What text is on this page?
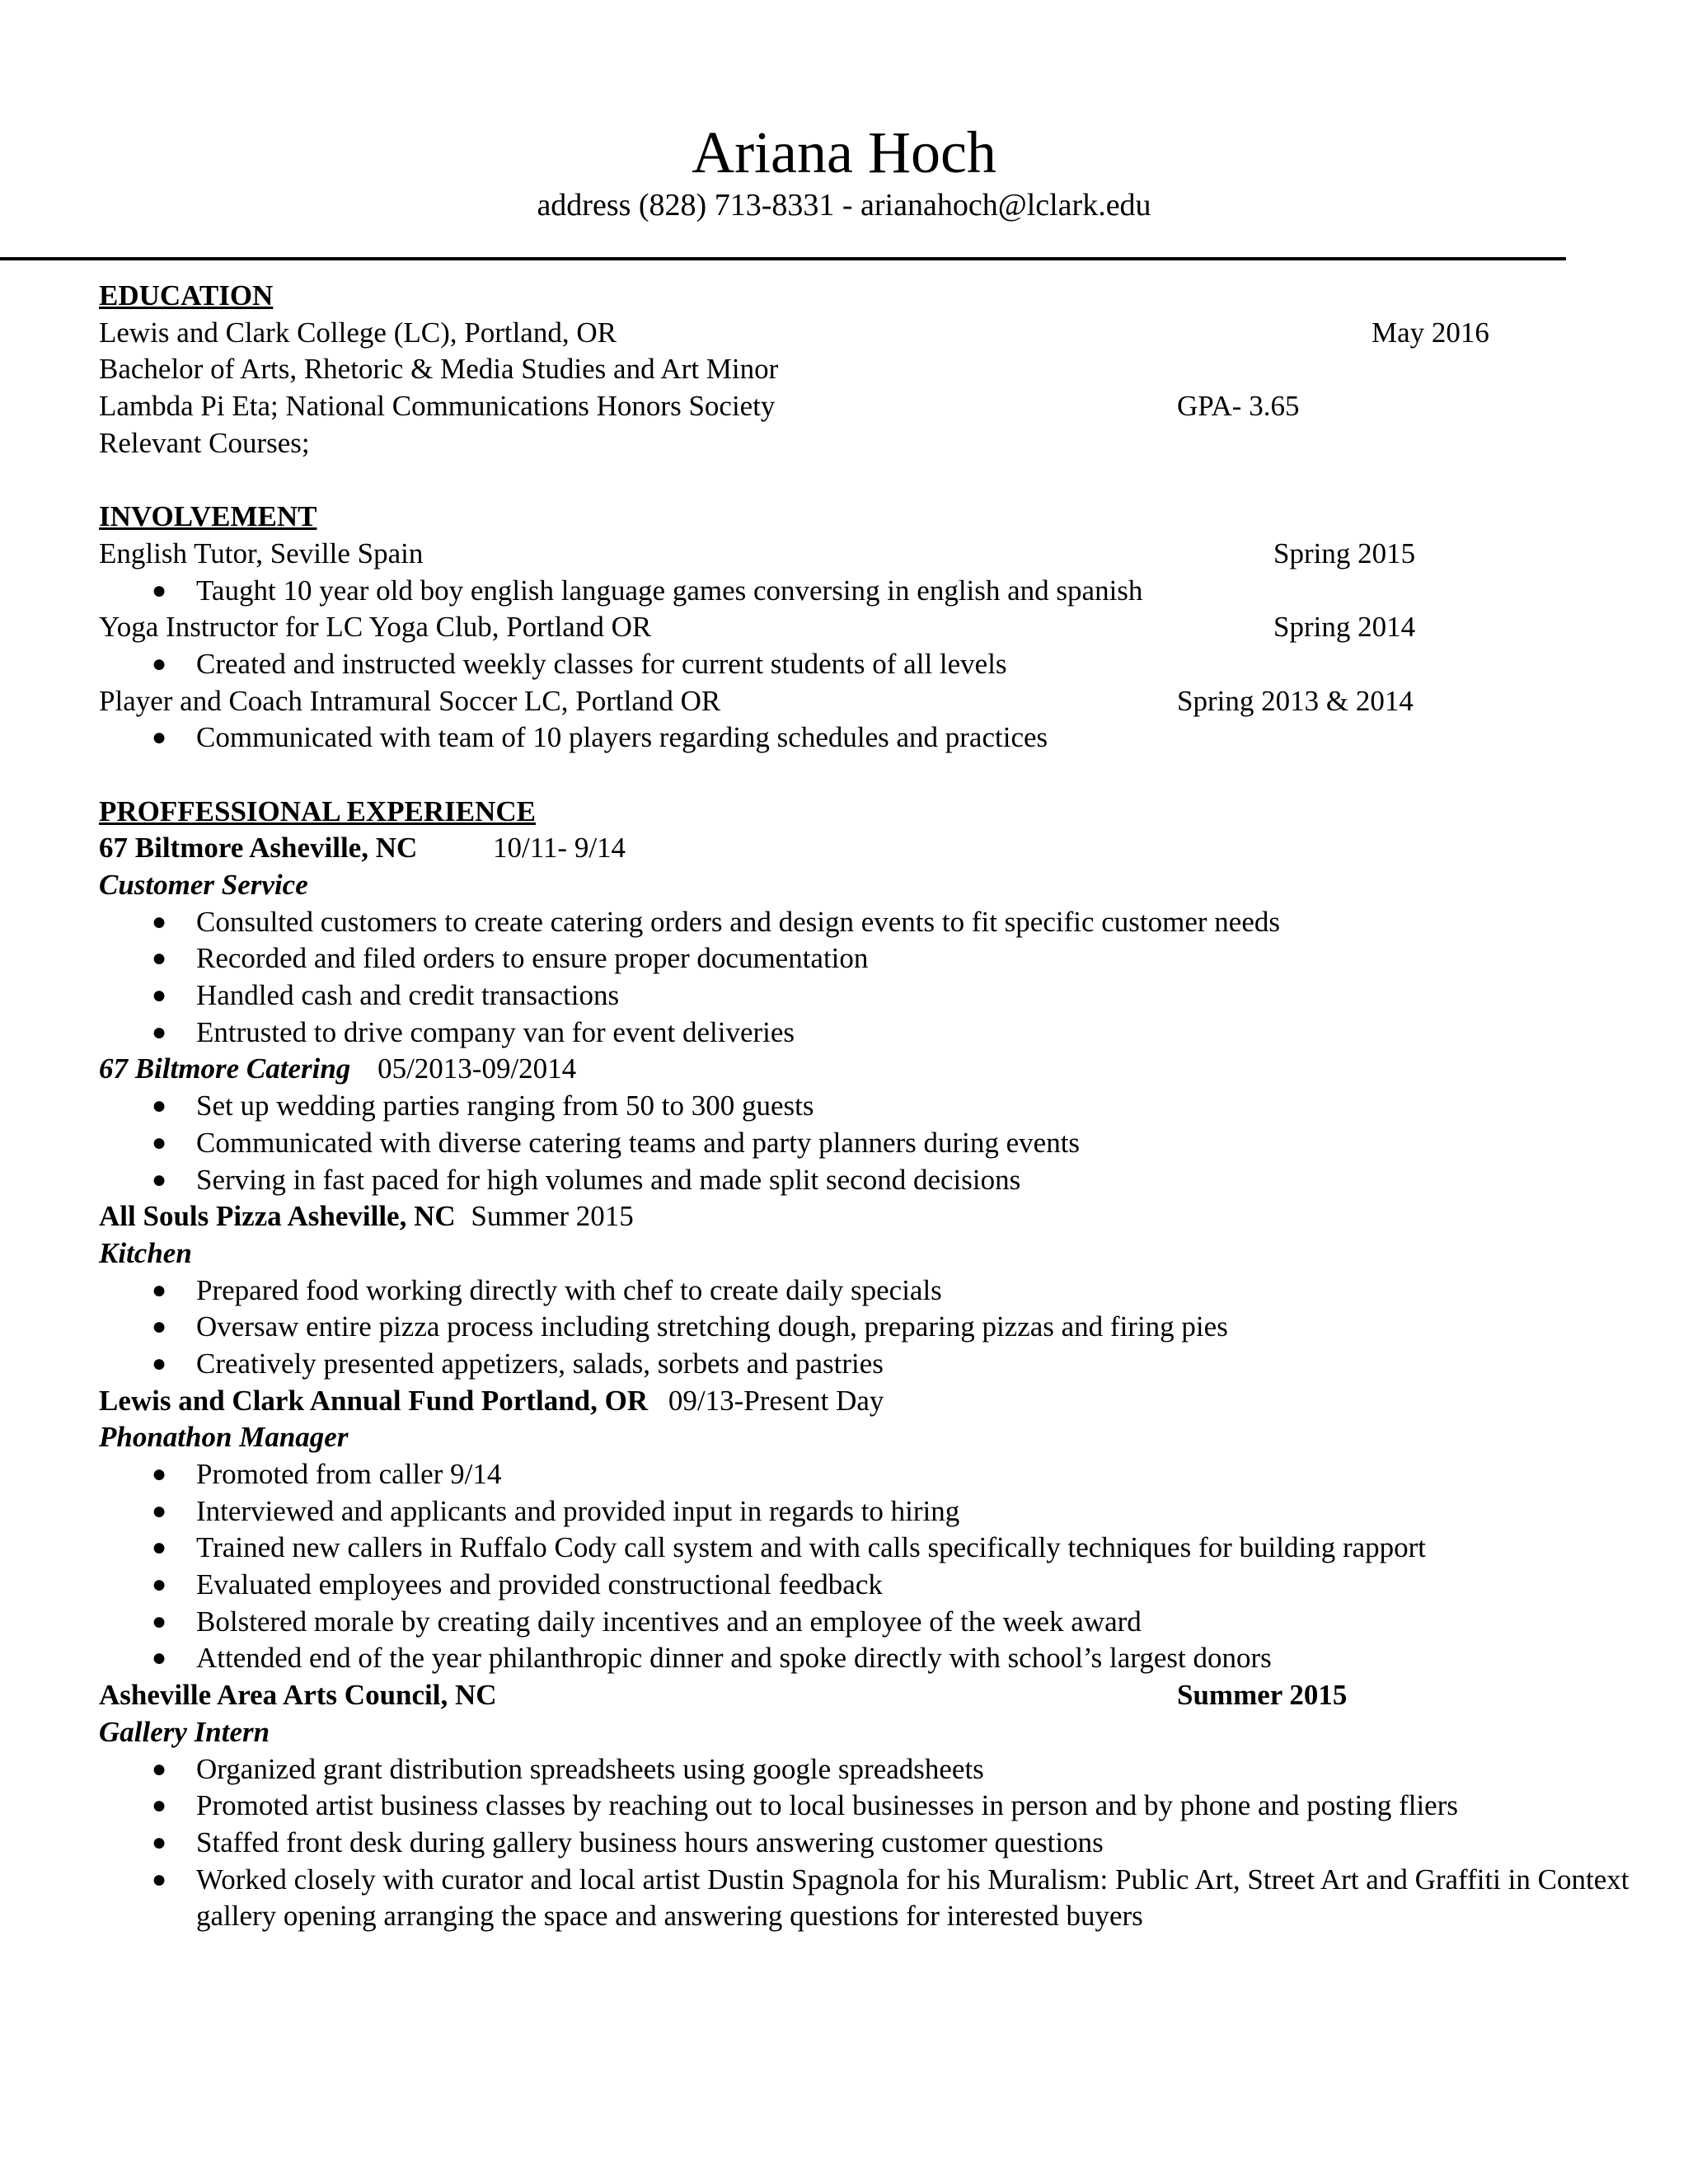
Ariana Hoch
address (828) 713-8331 - arianahoch@lclark.edu
EDUCATION
Lewis and Clark College (LC), Portland, OR	May 2016
Bachelor of Arts, Rhetoric & Media Studies and Art Minor
Lambda Pi Eta; National Communications Honors Society	GPA- 3.65
Relevant Courses;
INVOLVEMENT
English Tutor, Seville Spain	Spring 2015
● Taught 10 year old boy english language games conversing in english and spanish
Yoga Instructor for LC Yoga Club, Portland OR	Spring 2014
● Created and instructed weekly classes for current students of all levels
Player and Coach Intramural Soccer LC, Portland OR	Spring 2013 & 2014
● Communicated with team of 10 players regarding schedules and practices
PROFFESSIONAL EXPERIENCE
67 Biltmore Asheville, NC	10/11- 9/14
Customer Service
● Consulted customers to create catering orders and design events to fit specific customer needs
● Recorded and filed orders to ensure proper documentation
● Handled cash and credit transactions
● Entrusted to drive company van for event deliveries
67 Biltmore Catering 05/2013-09/2014
● Set up wedding parties ranging from 50 to 300 guests
● Communicated with diverse catering teams and party planners during events
● Serving in fast paced for high volumes and made split second decisions
All Souls Pizza Asheville, NC Summer 2015
Kitchen
● Prepared food working directly with chef to create daily specials
● Oversaw entire pizza process including stretching dough, preparing pizzas and firing pies
● Creatively presented appetizers, salads, sorbets and pastries
Lewis and Clark Annual Fund Portland, OR 09/13-Present Day
Phonathon Manager
● Promoted from caller 9/14
● Interviewed and applicants and provided input in regards to hiring
● Trained new callers in Ruffalo Cody call system and with calls specifically techniques for building rapport
● Evaluated employees and provided constructional feedback
● Bolstered morale by creating daily incentives and an employee of the week award
● Attended end of the year philanthropic dinner and spoke directly with school’s largest donors
Asheville Area Arts Council, NC	Summer 2015
Gallery Intern
● Organized grant distribution spreadsheets using google spreadsheets
● Promoted artist business classes by reaching out to local businesses in person and by phone and posting fliers
● Staffed front desk during gallery business hours answering customer questions
● Worked closely with curator and local artist Dustin Spagnola for his Muralism: Public Art, Street Art and Graffiti in Context gallery opening arranging the space and answering questions for interested buyers
